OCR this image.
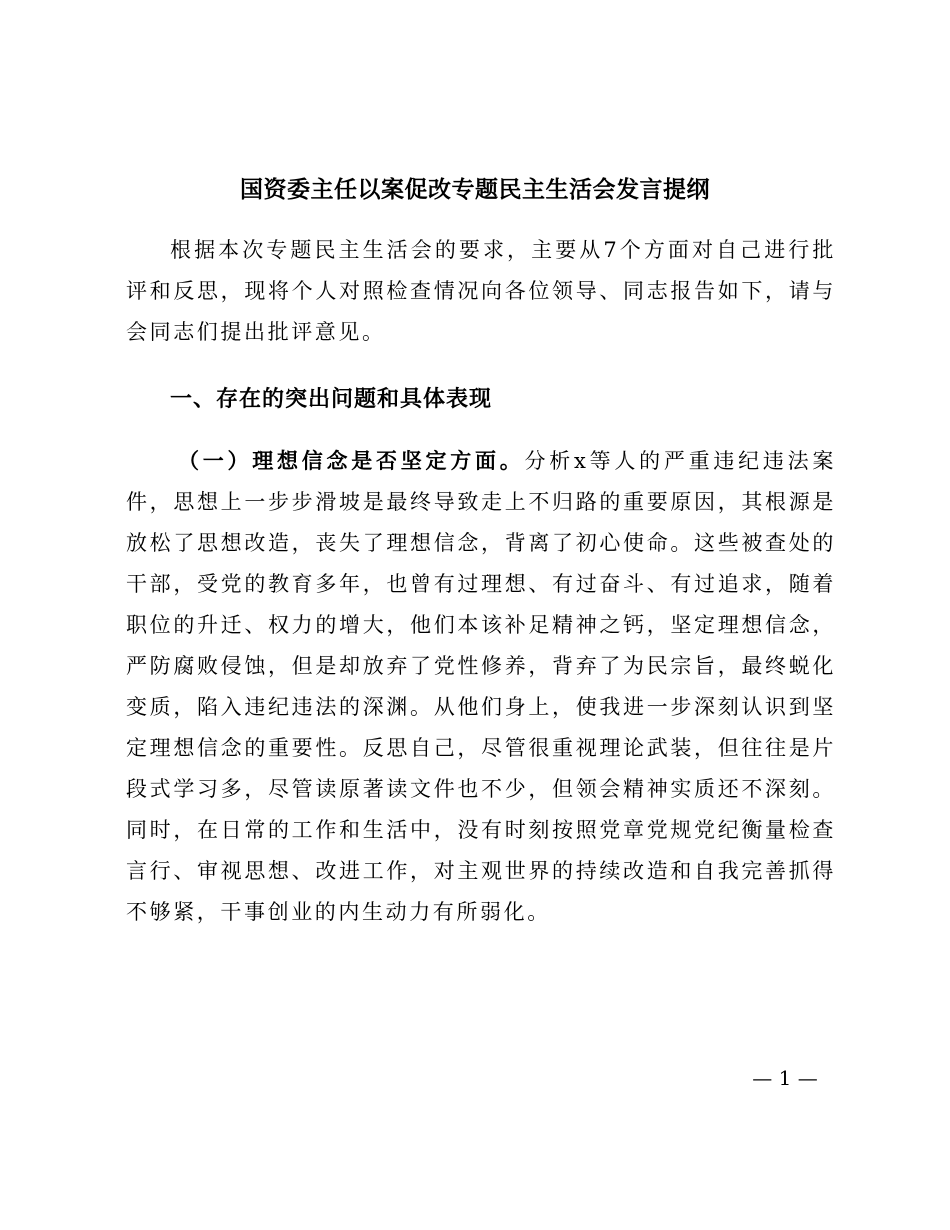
国资委主任以案促改专题民主生活会发言提纲

根据本次专题民主生活会的要求，主要从7个方面对自己进行批评和反思，现将个人对照检查情况向各位领导、同志报告如下，请与会同志们提出批评意见。

一、存在的突出问题和具体表现

（一）理想信念是否坚定方面。分析x等人的严重违纪违法案件，思想上一步步滑坡是最终导致走上不归路的重要原因，其根源是放松了思想改造，丧失了理想信念，背离了初心使命。这些被查处的干部，受党的教育多年，也曾有过理想、有过奋斗、有过追求，随着职位的升迁、权力的增大，他们本该补足精神之钙，坚定理想信念，严防腐败侵蚀，但是却放弃了党性修养，背弃了为民宗旨，最终蜕化变质，陷入违纪违法的深渊。从他们身上，使我进一步深刻认识到坚定理想信念的重要性。反思自己，尽管很重视理论武装，但往往是片段式学习多，尽管读原著读文件也不少，但领会精神实质还不深刻。同时，在日常的工作和生活中，没有时刻按照党章党规党纪衡量检查言行、审视思想、改进工作，对主观世界的持续改造和自我完善抓得不够紧，干事创业的内生动力有所弱化。

— 1 —
